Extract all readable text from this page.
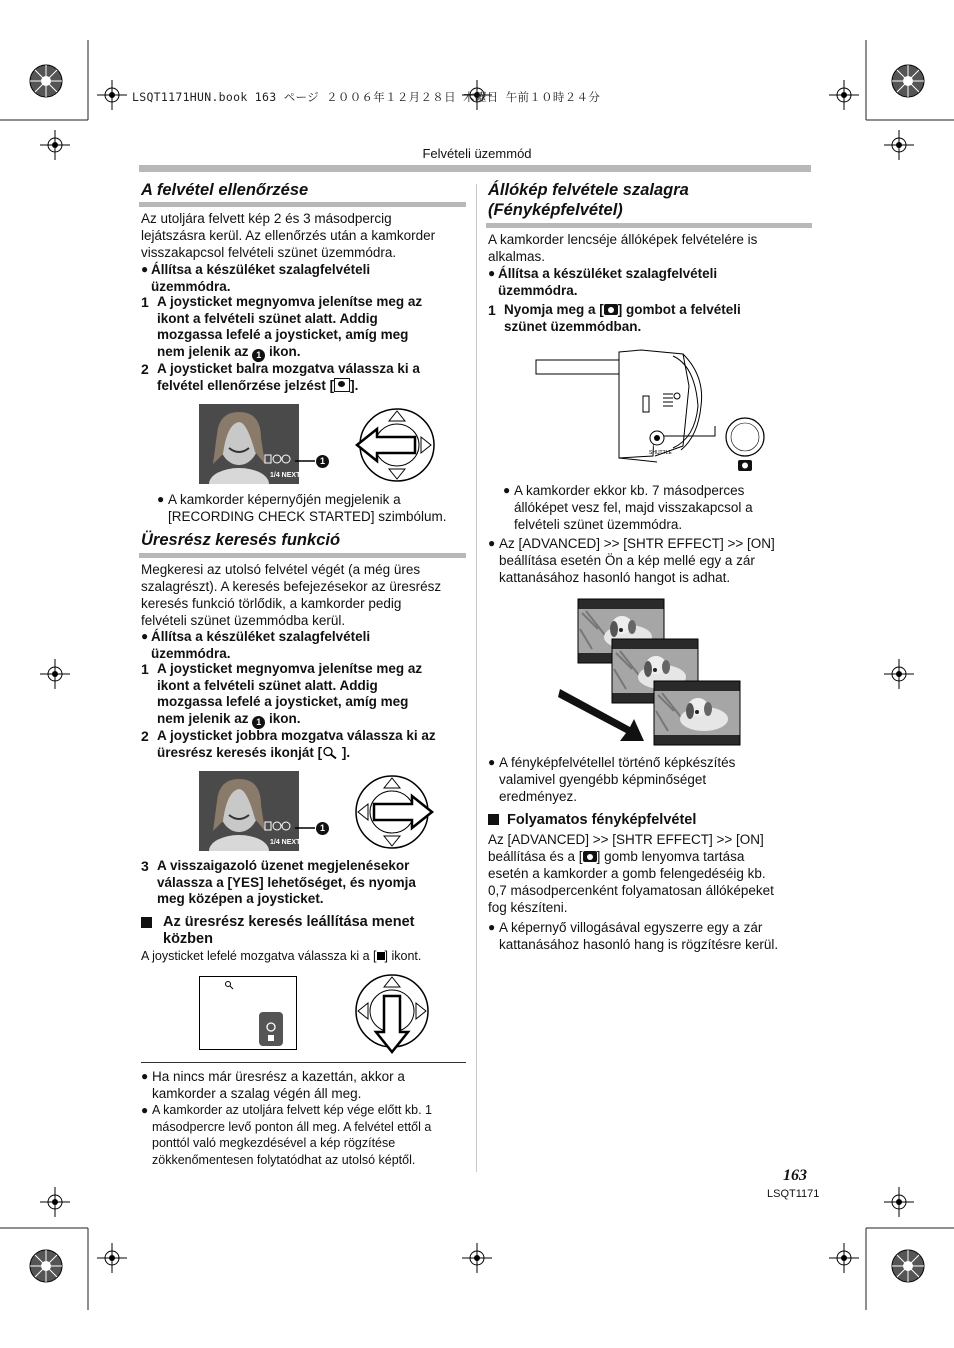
LSQT1171HUN.book 163 ページ ２００６年１２月２８日 木曜日 午前１０時２４分
Felvételi üzemmód
A felvétel ellenőrzése
Az utoljára felvett kép 2 és 3 másodpercig
lejátszásra kerül. Az ellenőrzés után a kamkorder
visszakapcsol felvételi szünet üzemmódra.
● Állítsa a készüléket szalagfelvételi
üzemmódra.
1 A joysticket megnyomva jelenítse meg az
ikont a felvételi szünet alatt. Addig
mozgassa lefelé a joysticket, amíg meg
nem jelenik az 1 ikon.
2 A joysticket balra mozgatva válassza ki a
felvétel ellenőrzése jelzést [ ].
1/4 NEXT
1
● A kamkorder képernyőjén megjelenik a
[RECORDING CHECK STARTED] szimbólum.
Üresrész keresés funkció
Megkeresi az utolsó felvétel végét (a még üres
szalagrészt). A keresés befejezésekor az üresrész
keresés funkció törlődik, a kamkorder pedig
felvételi szünet üzemmódba kerül.
● Állítsa a készüléket szalagfelvételi
üzemmódra.
1 A joysticket megnyomva jelenítse meg az
ikont a felvételi szünet alatt. Addig
mozgassa lefelé a joysticket, amíg meg
nem jelenik az 1 ikon.
2 A joysticket jobbra mozgatva válassza ki az
üresrész keresés ikonját [ ].
1/4 NEXT
1
3 A visszaigazoló üzenet megjelenésekor
válassza a [YES] lehetőséget, és nyomja
meg középen a joysticket.
Az üresrész keresés leállítása menet
közben
A joysticket lefelé mozgatva válassza ki a [ ] ikont.
● Ha nincs már üresrész a kazettán, akkor a
kamkorder a szalag végén áll meg.
● A kamkorder az utoljára felvett kép vége előtt kb. 1
másodpercre levő ponton áll meg. A felvétel ettől a
ponttól való megkezdésével a kép rögzítése
zökkenőmentesen folytatódhat az utolsó képtől.
Állókép felvétele szalagra
(Fényképfelvétel)
A kamkorder lencséje állóképek felvételére is
alkalmas.
● Állítsa a készüléket szalagfelvételi
üzemmódra.
1 Nyomja meg a [ ] gombot a felvételi
szünet üzemmódban.
SHUTTLE
● A kamkorder ekkor kb. 7 másodperces
állóképet vesz fel, majd visszakapcsol a
felvételi szünet üzemmódra.
● Az [ADVANCED] >> [SHTR EFFECT] >> [ON]
beállítása esetén Ön a kép mellé egy a zár
kattanásához hasonló hangot is adhat.
● A fényképfelvétellel történő képkészítés
valamivel gyengébb képminőséget
eredményez.
Folyamatos fényképfelvétel
Az [ADVANCED] >> [SHTR EFFECT] >> [ON]
beállítása és a [ ] gomb lenyomva tartása
esetén a kamkorder a gomb felengedéséig kb.
0,7 másodpercenként folyamatosan állóképeket
fog készíteni.
● A képernyő villogásával egyszerre egy a zár
kattanásához hasonló hang is rögzítésre kerül.
163
LSQT1171
